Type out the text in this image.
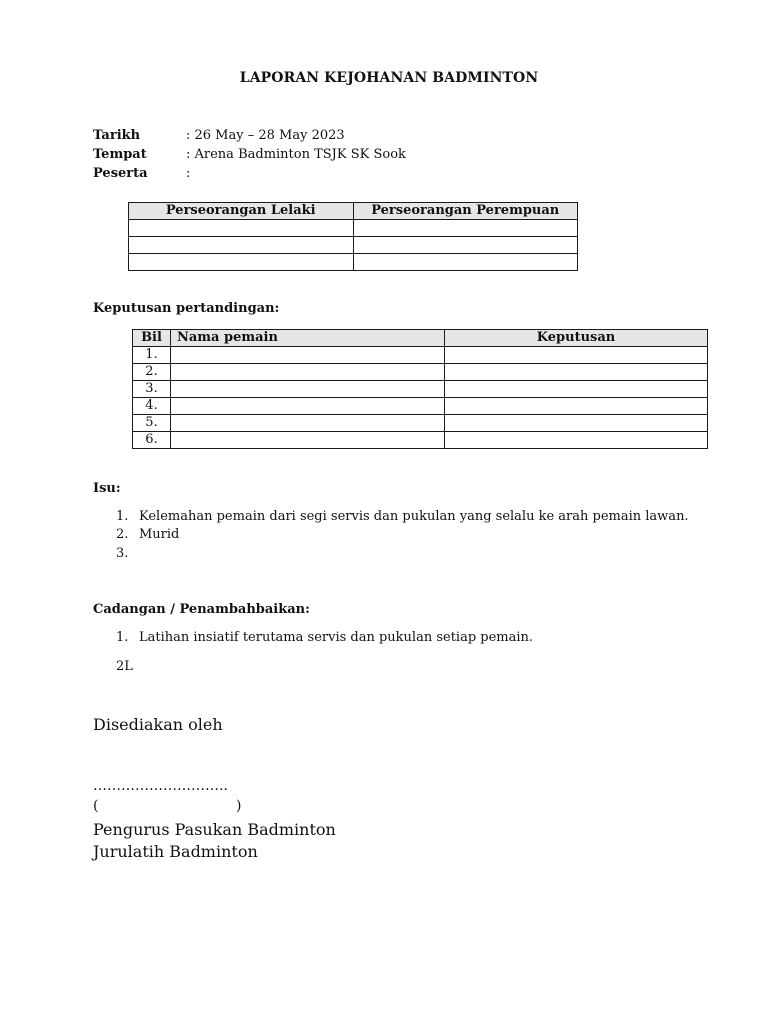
LAPORAN KEJOHANAN BADMINTON
Tarikh	: 26 May – 28 May 2023
Tempat	: Arena Badminton TSJK SK Sook
Peserta	:
Perseorangan Lelaki	Perseorangan Perempuan

Keputusan pertandingan:
Bil	Nama pemain	Keputusan
1.		
2.		
3.		
4.		
5.		
6.		
Isu:
1. Kelemahan pemain dari segi servis dan pukulan yang selalu ke arah pemain lawan.
2. Murid
3.
Cadangan / Penambahbaikan:
1. Latihan insiatif terutama servis dan pukulan setiap pemain.
2L
Disediakan oleh
………………………..
(	)
Pengurus Pasukan Badminton
Jurulatih Badminton
